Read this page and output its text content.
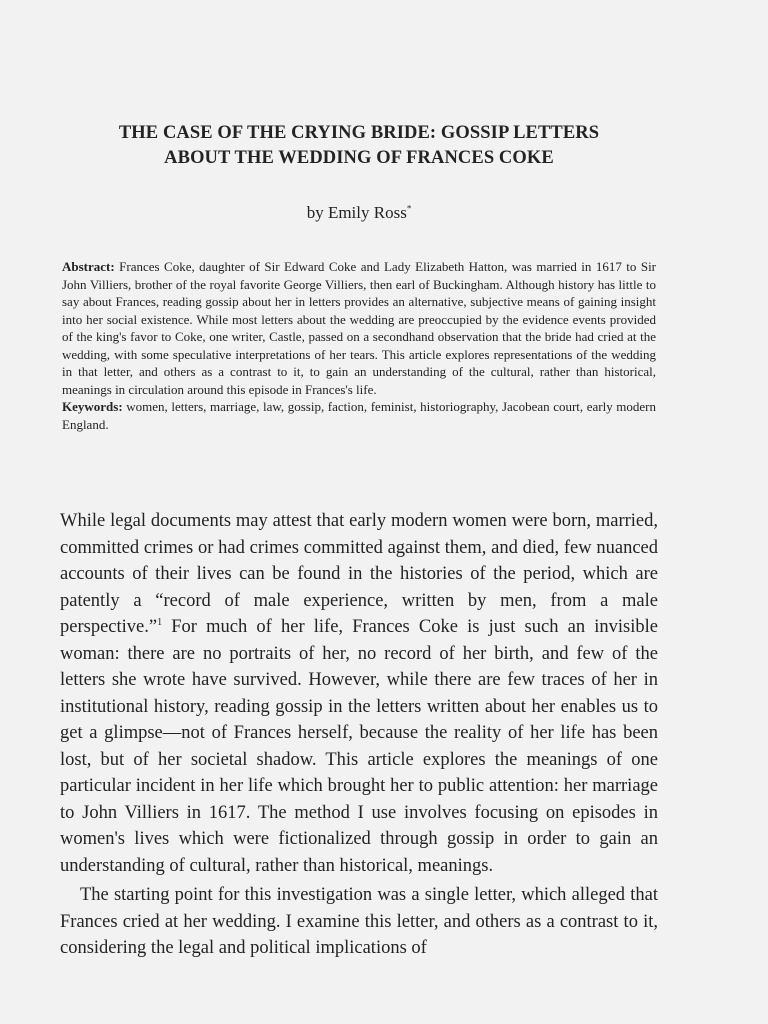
THE CASE OF THE CRYING BRIDE: GOSSIP LETTERS
ABOUT THE WEDDING OF FRANCES COKE
by Emily Ross*

Abstract: Frances Coke, daughter of Sir Edward Coke and Lady Elizabeth Hatton, was married in 1617 to Sir John Villiers, brother of the royal favorite George Villiers, then earl of Buckingham. Although history has little to say about Frances, reading gossip about her in letters provides an alternative, subjective means of gaining insight into her social existence. While most letters about the wedding are preoccupied by the evidence events provided of the king's favor to Coke, one writer, Castle, passed on a secondhand observation that the bride had cried at the wedding, with some speculative interpretations of her tears. This article explores representations of the wedding in that letter, and others as a contrast to it, to gain an understanding of the cultural, rather than historical, meanings in circulation around this episode in Frances's life.

Keywords: women, letters, marriage, law, gossip, faction, feminist, historiography, Jacobean court, early modern England.

While legal documents may attest that early modern women were born, married, committed crimes or had crimes committed against them, and died, few nuanced accounts of their lives can be found in the histories of the period, which are patently a “record of male experience, written by men, from a male perspective.”$^1$ For much of her life, Frances Coke is just such an invisible woman: there are no portraits of her, no record of her birth, and few of the letters she wrote have survived. However, while there are few traces of her in institutional history, reading gossip in the letters written about her enables us to get a glimpse—not of Frances herself, because the reality of her life has been lost, but of her societal shadow. This article explores the meanings of one particular incident in her life which brought her to public attention: her marriage to John Villiers in 1617. The method I use involves focusing on episodes in women's lives which were fictionalized through gossip in order to gain an understanding of cultural, rather than historical, meanings.

The starting point for this investigation was a single letter, which alleged that Frances cried at her wedding. I examine this letter, and others as a contrast to it, considering the legal and political implications of
